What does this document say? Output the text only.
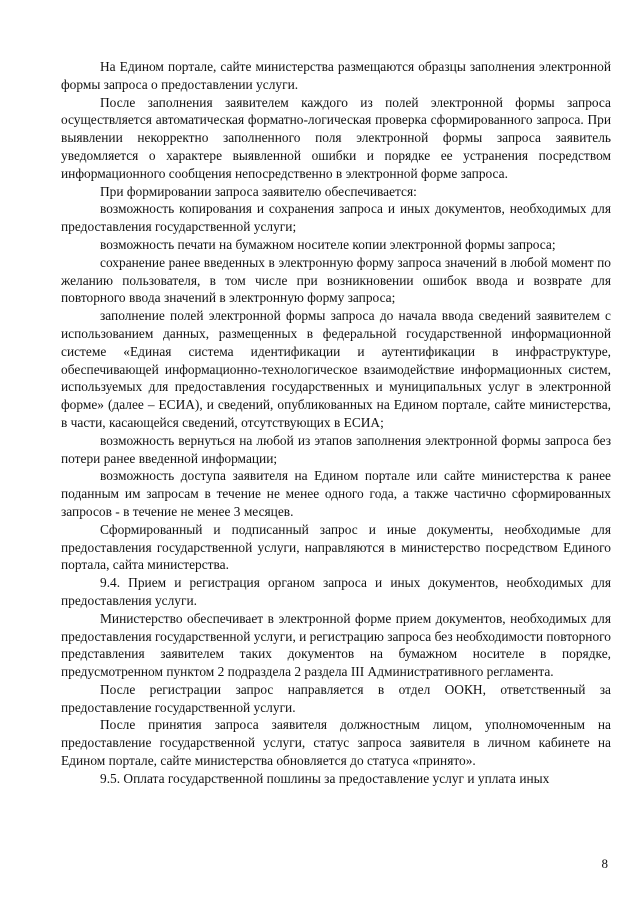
На Едином портале, сайте министерства размещаются образцы заполнения электронной формы запроса о предоставлении услуги.

После заполнения заявителем каждого из полей электронной формы запроса осуществляется автоматическая форматно-логическая проверка сформированного запроса. При выявлении некорректно заполненного поля электронной формы запроса заявитель уведомляется о характере выявленной ошибки и порядке ее устранения посредством информационного сообщения непосредственно в электронной форме запроса.

При формировании запроса заявителю обеспечивается:

возможность копирования и сохранения запроса и иных документов, необходимых для предоставления государственной услуги;

возможность печати на бумажном носителе копии электронной формы запроса;

сохранение ранее введенных в электронную форму запроса значений в любой момент по желанию пользователя, в том числе при возникновении ошибок ввода и возврате для повторного ввода значений в электронную форму запроса;

заполнение полей электронной формы запроса до начала ввода сведений заявителем с использованием данных, размещенных в федеральной государственной информационной системе «Единая система идентификации и аутентификации в инфраструктуре, обеспечивающей информационно-технологическое взаимодействие информационных систем, используемых для предоставления государственных и муниципальных услуг в электронной форме» (далее – ЕСИА), и сведений, опубликованных на Едином портале, сайте министерства, в части, касающейся сведений, отсутствующих в ЕСИА;

возможность вернуться на любой из этапов заполнения электронной формы запроса без потери ранее введенной информации;

возможность доступа заявителя на Едином портале или сайте министерства к ранее поданным им запросам в течение не менее одного года, а также частично сформированных запросов - в течение не менее 3 месяцев.

Сформированный и подписанный запрос и иные документы, необходимые для предоставления государственной услуги, направляются в министерство посредством Единого портала, сайта министерства.

9.4. Прием и регистрация органом запроса и иных документов, необходимых для предоставления услуги.

Министерство обеспечивает в электронной форме прием документов, необходимых для предоставления государственной услуги, и регистрацию запроса без необходимости повторного представления заявителем таких документов на бумажном носителе в порядке, предусмотренном пунктом 2 подраздела 2 раздела III Административного регламента.

После регистрации запрос направляется в отдел ООКН, ответственный за предоставление государственной услуги.

После принятия запроса заявителя должностным лицом, уполномоченным на предоставление государственной услуги, статус запроса заявителя в личном кабинете на Едином портале, сайте министерства обновляется до статуса «принято».

9.5. Оплата государственной пошлины за предоставление услуг и уплата иных

8
